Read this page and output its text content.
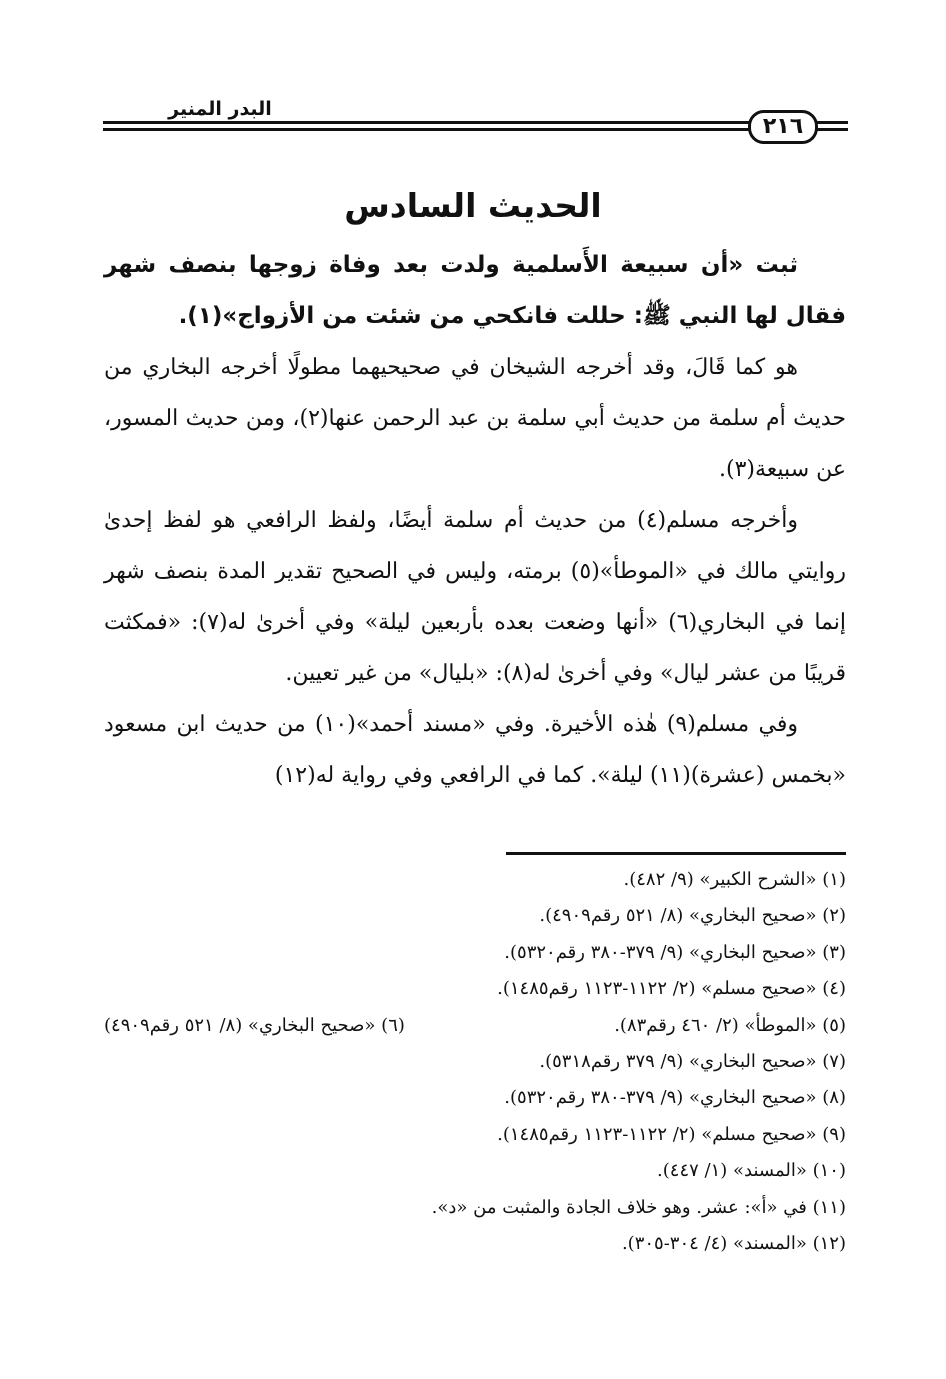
البدر المنير
٢١٦
الحديث السادس

ثبت «أن سبيعة الأَسلمية ولدت بعد وفاة زوجها بنصف شهر فقال لها النبي ﷺ: حللت فانكحي من شئت من الأزواج»(١).

هو كما قَالَ، وقد أخرجه الشيخان في صحيحيهما مطولًا أخرجه البخاري من حديث أم سلمة من حديث أبي سلمة بن عبد الرحمن عنها(٢)، ومن حديث المسور، عن سبيعة(٣).

وأخرجه مسلم(٤) من حديث أم سلمة أيضًا، ولفظ الرافعي هو لفظ إحدىٰ روايتي مالك في «الموطأ»(٥) برمته، وليس في الصحيح تقدير المدة بنصف شهر إنما في البخاري(٦) «أنها وضعت بعده بأربعين ليلة» وفي أخرىٰ له(٧): «فمكثت قريبًا من عشر ليال» وفي أخرىٰ له(٨): «بليال» من غير تعيين.

وفي مسلم(٩) هٰذه الأخيرة. وفي «مسند أحمد»(١٠) من حديث ابن مسعود «بخمس (عشرة)(١١) ليلة». كما في الرافعي وفي رواية له(١٢)

(١) «الشرح الكبير» (٩/ ٤٨٢).
(٢) «صحيح البخاري» (٨/ ٥٢١ رقم٤٩٠٩).
(٣) «صحيح البخاري» (٩/ ٣٧٩-٣٨٠ رقم٥٣٢٠).
(٤) «صحيح مسلم» (٢/ ١١٢٢-١١٢٣ رقم١٤٨٥).
(٥) «الموطأ» (٢/ ٤٦٠ رقم٨٣).
(٦) «صحيح البخاري» (٨/ ٥٢١ رقم٤٩٠٩)
(٧) «صحيح البخاري» (٩/ ٣٧٩ رقم٥٣١٨).
(٨) «صحيح البخاري» (٩/ ٣٧٩-٣٨٠ رقم٥٣٢٠).
(٩) «صحيح مسلم» (٢/ ١١٢٢-١١٢٣ رقم١٤٨٥).
(١٠) «المسند» (١/ ٤٤٧).
(١١) في «أ»: عشر. وهو خلاف الجادة والمثبت من «د».
(١٢) «المسند» (٤/ ٣٠٤-٣٠٥).
